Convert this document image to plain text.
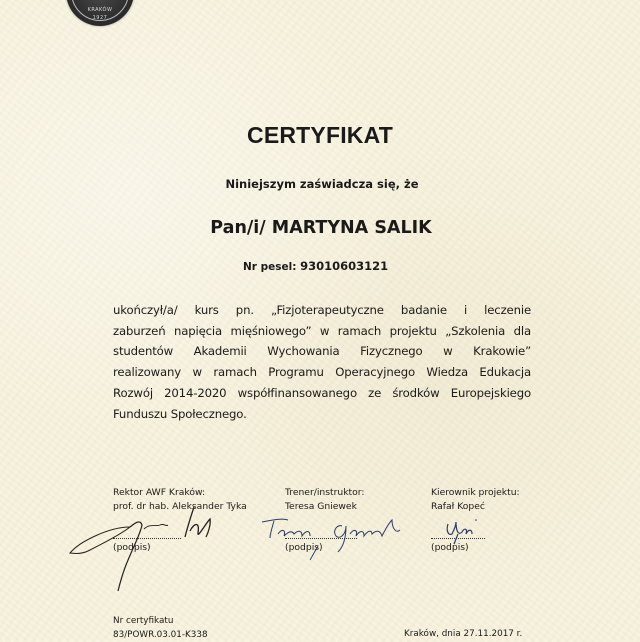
KRAKÓW
1927
CERTYFIKAT
Niniejszym zaświadcza się, że
Pan/i/ MARTYNA SALIK
Nr pesel: 93010603121
ukończył/a/ kurs pn. „Fizjoterapeutyczne badanie i leczenie
zaburzeń napięcia mięśniowego” w ramach projektu „Szkolenia dla
studentów Akademii Wychowania Fizycznego w Krakowie”
realizowany w ramach Programu Operacyjnego Wiedza Edukacja
Rozwój 2014-2020 współfinansowanego ze środków Europejskiego
Funduszu Społecznego.
Rektor AWF Kraków:
prof. dr hab. Aleksander Tyka
(podpis)
Trener/instruktor:
Teresa Gniewek
(podpis)
Kierownik projektu:
Rafał Kopeć
(podpis)
Nr certyfikatu
83/POWR.03.01-K338	Kraków, dnia 27.11.2017 r.
